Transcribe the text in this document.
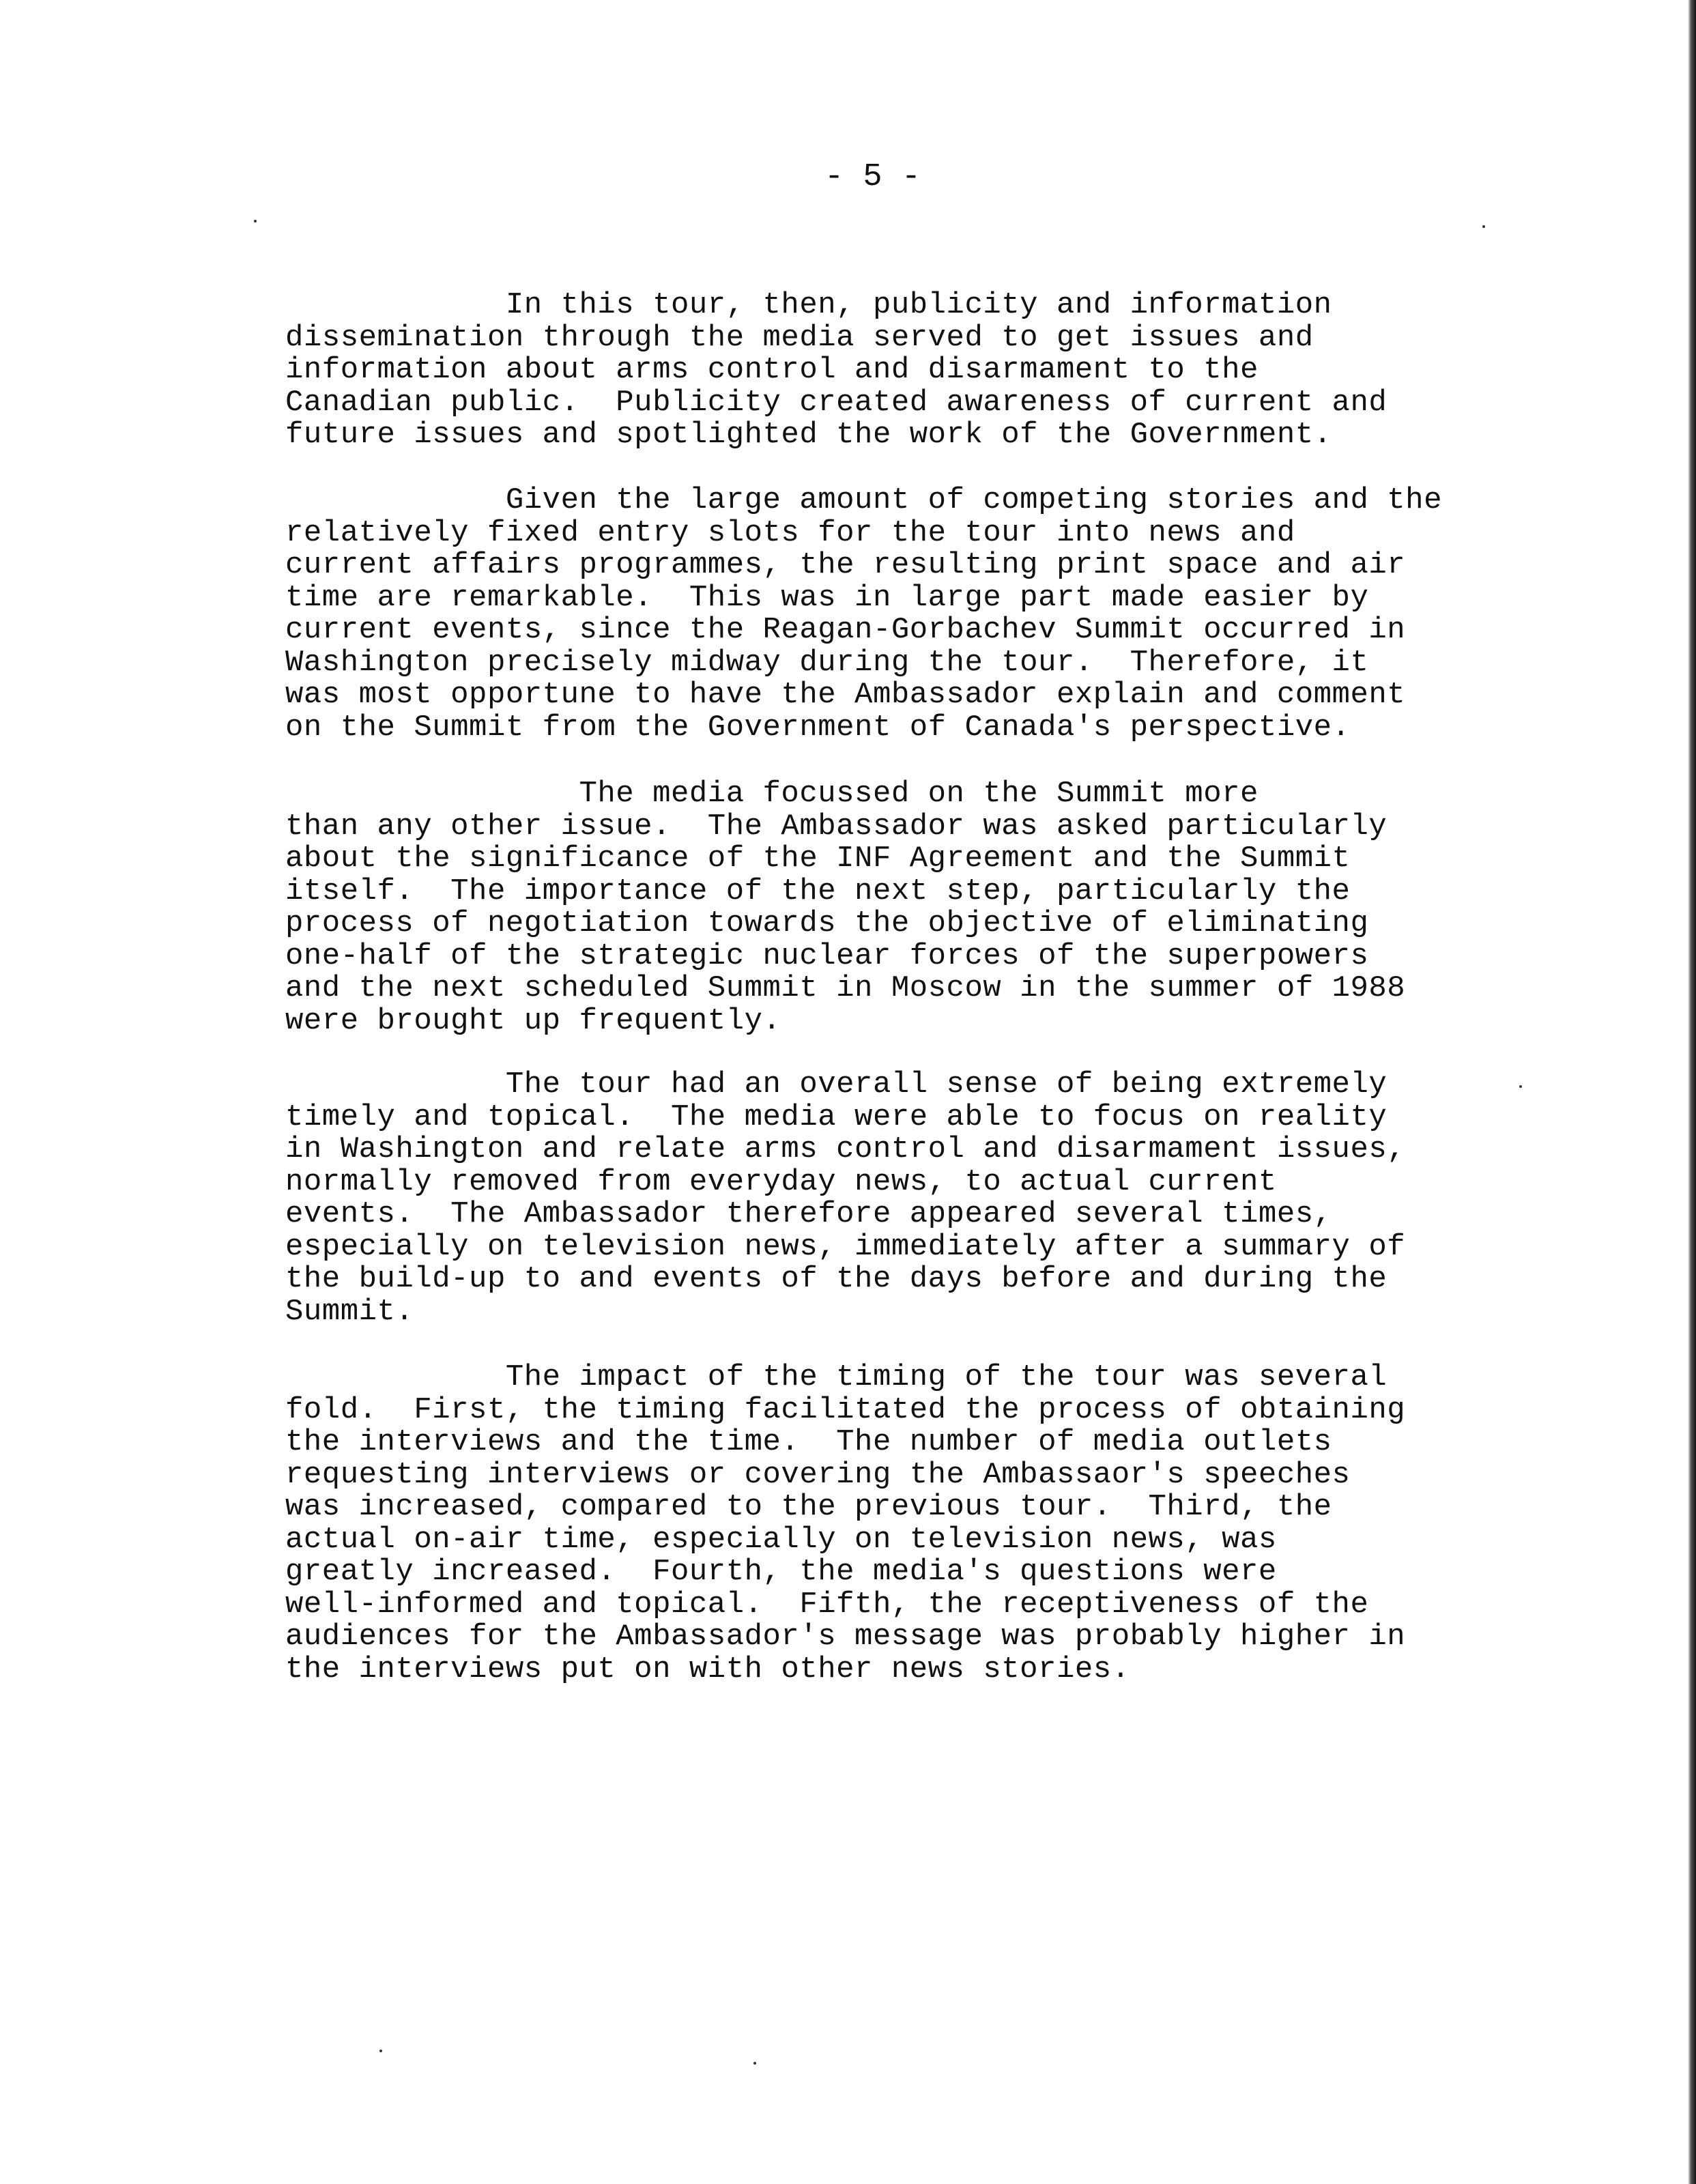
- 5 -
In this tour, then, publicity and information
dissemination through the media served to get issues and
information about arms control and disarmament to the
Canadian public.  Publicity created awareness of current and
future issues and spotlighted the work of the Government.
Given the large amount of competing stories and the
relatively fixed entry slots for the tour into news and
current affairs programmes, the resulting print space and air
time are remarkable.  This was in large part made easier by
current events, since the Reagan-Gorbachev Summit occurred in
Washington precisely midway during the tour.  Therefore, it
was most opportune to have the Ambassador explain and comment
on the Summit from the Government of Canada's perspective.
The media focussed on the Summit more
than any other issue.  The Ambassador was asked particularly
about the significance of the INF Agreement and the Summit
itself.  The importance of the next step, particularly the
process of negotiation towards the objective of eliminating
one-half of the strategic nuclear forces of the superpowers
and the next scheduled Summit in Moscow in the summer of 1988
were brought up frequently.
The tour had an overall sense of being extremely
timely and topical.  The media were able to focus on reality
in Washington and relate arms control and disarmament issues,
normally removed from everyday news, to actual current
events.  The Ambassador therefore appeared several times,
especially on television news, immediately after a summary of
the build-up to and events of the days before and during the
Summit.
The impact of the timing of the tour was several
fold.  First, the timing facilitated the process of obtaining
the interviews and the time.  The number of media outlets
requesting interviews or covering the Ambassaor's speeches
was increased, compared to the previous tour.  Third, the
actual on-air time, especially on television news, was
greatly increased.  Fourth, the media's questions were
well-informed and topical.  Fifth, the receptiveness of the
audiences for the Ambassador's message was probably higher in
the interviews put on with other news stories.
